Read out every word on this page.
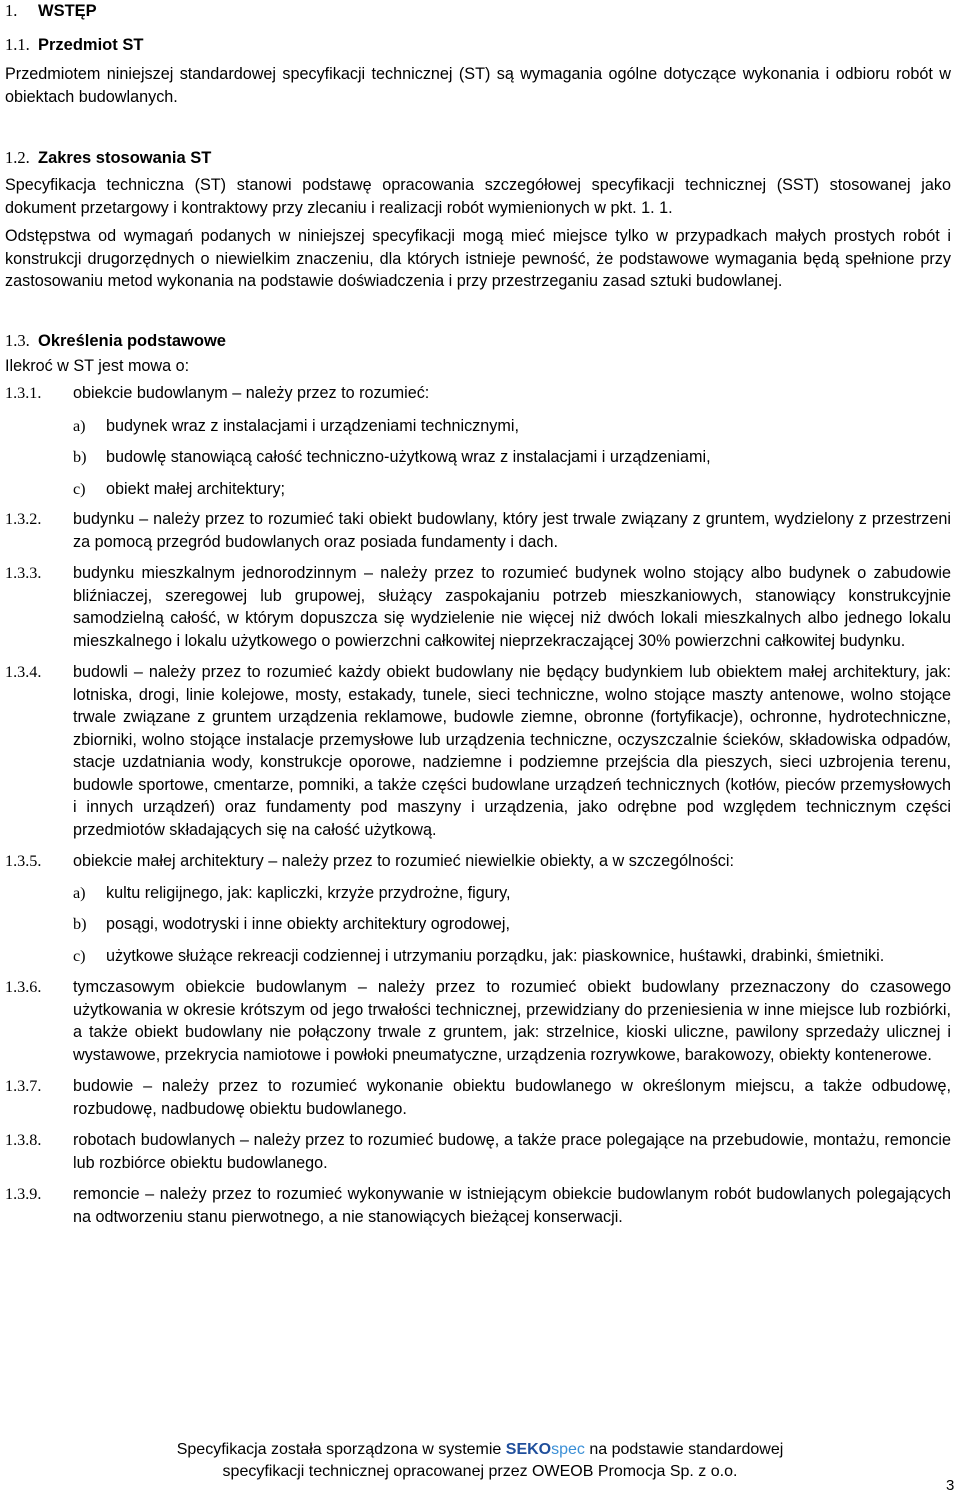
1. WSTĘP
1.1. Przedmiot ST

Przedmiotem niniejszej standardowej specyfikacji technicznej (ST) są wymagania ogólne dotyczące wykonania i odbioru robót w obiektach budowlanych.

1.2. Zakres stosowania ST

Specyfikacja techniczna (ST) stanowi podstawę opracowania szczegółowej specyfikacji technicznej (SST) stosowanej jako dokument przetargowy i kontraktowy przy zlecaniu i realizacji robót wymienionych w pkt. 1. 1.

Odstępstwa od wymagań podanych w niniejszej specyfikacji mogą mieć miejsce tylko w przypadkach małych prostych robót i konstrukcji drugorzędnych o niewielkim znaczeniu, dla których istnieje pewność, że podstawowe wymagania będą spełnione przy zastosowaniu metod wykonania na podstawie doświadczenia i przy przestrzeganiu zasad sztuki budowlanej.

1.3. Określenia podstawowe

Ilekroć w ST jest mowa o:

1.3.1.	obiekcie budowlanym – należy przez to rozumieć:
a)	budynek wraz z instalacjami i urządzeniami technicznymi,
b)	budowlę stanowiącą całość techniczno-użytkową wraz z instalacjami i urządzeniami,
c)	obiekt małej architektury;
1.3.2.	budynku – należy przez to rozumieć taki obiekt budowlany, który jest trwale związany z gruntem, wydzielony z przestrzeni za pomocą przegród budowlanych oraz posiada fundamenty i dach.
1.3.3.	budynku mieszkalnym jednorodzinnym – należy przez to rozumieć budynek wolno stojący albo budynek o zabudowie bliźniaczej, szeregowej lub grupowej, służący zaspokajaniu potrzeb mieszkaniowych, stanowiący konstrukcyjnie samodzielną całość, w którym dopuszcza się wydzielenie nie więcej niż dwóch lokali mieszkalnych albo jednego lokalu mieszkalnego i lokalu użytkowego o powierzchni całkowitej nieprzekraczającej 30% powierzchni całkowitej budynku.
1.3.4.	budowli – należy przez to rozumieć każdy obiekt budowlany nie będący budynkiem lub obiektem małej architektury, jak: lotniska, drogi, linie kolejowe, mosty, estakady, tunele, sieci techniczne, wolno stojące maszty antenowe, wolno stojące trwale związane z gruntem urządzenia reklamowe, budowle ziemne, obronne (fortyfikacje), ochronne, hydrotechniczne, zbiorniki, wolno stojące instalacje przemysłowe lub urządzenia techniczne, oczyszczalnie ścieków, składowiska odpadów, stacje uzdatniania wody, konstrukcje oporowe, nadziemne i podziemne przejścia dla pieszych, sieci uzbrojenia terenu, budowle sportowe, cmentarze, pomniki, a także części budowlane urządzeń technicznych (kotłów, pieców przemysłowych i innych urządzeń) oraz fundamenty pod maszyny i urządzenia, jako odrębne pod względem technicznym części przedmiotów składających się na całość użytkową.
1.3.5.	obiekcie małej architektury – należy przez to rozumieć niewielkie obiekty, a w szczególności:
a)	kultu religijnego, jak: kapliczki, krzyże przydrożne, figury,
b)	posągi, wodotryski i inne obiekty architektury ogrodowej,
c)	użytkowe służące rekreacji codziennej i utrzymaniu porządku, jak: piaskownice, huśtawki, drabinki, śmietniki.
1.3.6.	tymczasowym obiekcie budowlanym – należy przez to rozumieć obiekt budowlany przeznaczony do czasowego użytkowania w okresie krótszym od jego trwałości technicznej, przewidziany do przeniesienia w inne miejsce lub rozbiórki, a także obiekt budowlany nie połączony trwale z gruntem, jak: strzelnice, kioski uliczne, pawilony sprzedaży ulicznej i wystawowe, przekrycia namiotowe i powłoki pneumatyczne, urządzenia rozrywkowe, barakowozy, obiekty kontenerowe.
1.3.7.	budowie – należy przez to rozumieć wykonanie obiektu budowlanego w określonym miejscu, a także odbudowę, rozbudowę, nadbudowę obiektu budowlanego.
1.3.8.	robotach budowlanych – należy przez to rozumieć budowę, a także prace polegające na przebudowie, montażu, remoncie lub rozbiórce obiektu budowlanego.
1.3.9.	remoncie – należy przez to rozumieć wykonywanie w istniejącym obiekcie budowlanym robót budowlanych polegających na odtworzeniu stanu pierwotnego, a nie stanowiących bieżącej konserwacji.
Specyfikacja została sporządzona w systemie SEKOspec na podstawie standardowej
specyfikacji technicznej opracowanej przez OWEOB Promocja Sp. z o.o.
3
